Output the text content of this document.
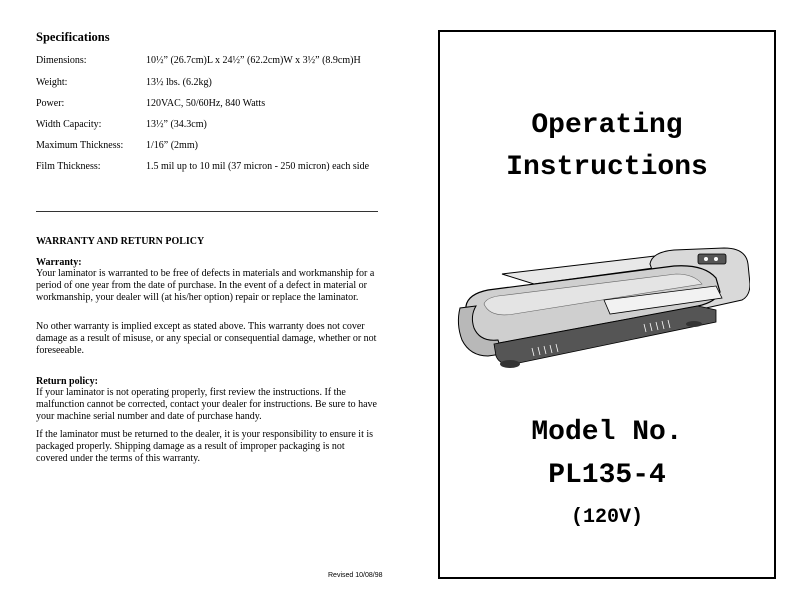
Specifications
Dimensions:	10½” (26.7cm)L x 24½” (62.2cm)W x 3½” (8.9cm)H
Weight:	13½ lbs. (6.2kg)
Power:	120VAC, 50/60Hz, 840 Watts
Width Capacity:	13½” (34.3cm)
Maximum Thickness: 1/16” (2mm)
Film Thickness:	1.5 mil up to 10 mil (37 micron - 250 micron) each side
WARRANTY AND RETURN POLICY
Warranty:

Your laminator is warranted to be free of defects in materials and workmanship for a period of one year from the date of purchase. In the event of a defect in material or workmanship, your dealer will (at his/her option) repair or replace the laminator.

No other warranty is implied except as stated above. This warranty does not cover damage as a result of misuse, or any special or consequential damage, whether or not foreseeable.

Return policy:

If your laminator is not operating properly, first review the instructions. If the malfunction cannot be corrected, contact your dealer for instructions. Be sure to have your machine serial number and date of purchase handy.

If the laminator must be returned to the dealer, it is your responsibility to ensure it is packaged properly. Shipping damage as a result of improper packaging is not covered under the terms of this warranty.

Revised 10/08/98
Operating
Instructions
Model No.
PL135-4
(120V)
